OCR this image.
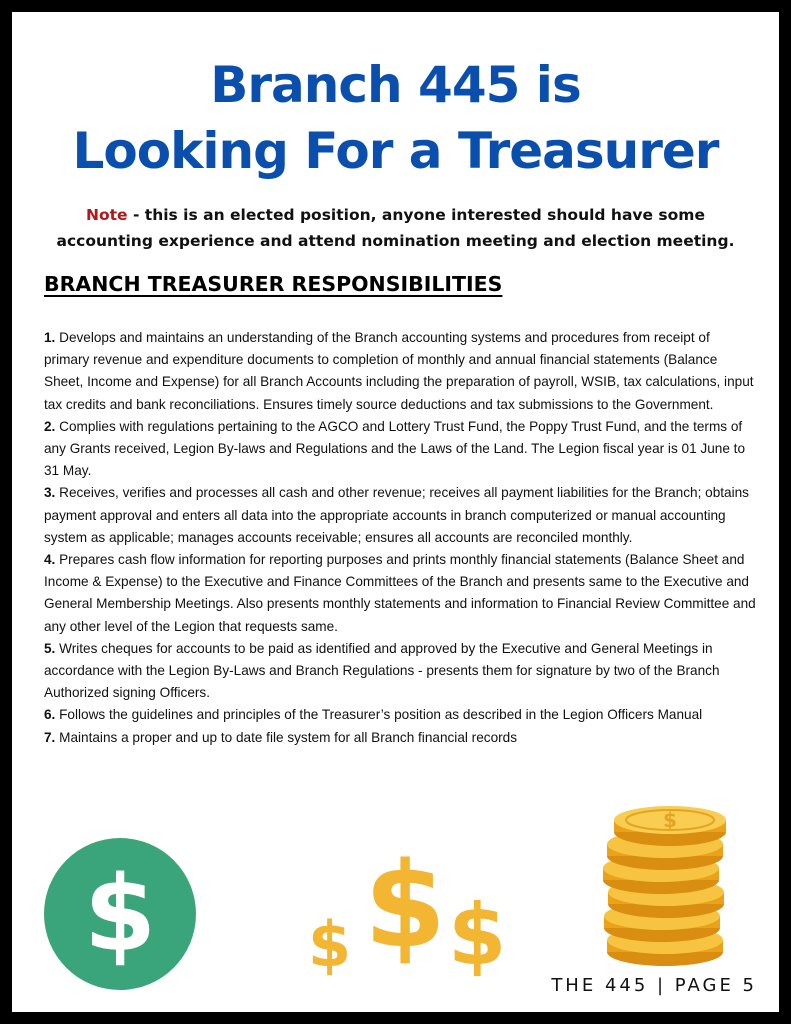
Branch 445 is
Looking For a Treasurer
Note - this is an elected position, anyone interested should have some
accounting experience and attend nomination meeting and election meeting.
BRANCH TREASURER RESPONSIBILITIES

1. Develops and maintains an understanding of the Branch accounting systems and procedures from receipt of primary revenue and expenditure documents to completion of monthly and annual financial statements (Balance Sheet, Income and Expense) for all Branch Accounts including the preparation of payroll, WSIB, tax calculations, input tax credits and bank reconciliations. Ensures timely source deductions and tax submissions to the Government.

2. Complies with regulations pertaining to the AGCO and Lottery Trust Fund, the Poppy Trust Fund, and the terms of any Grants received, Legion By-laws and Regulations and the Laws of the Land. The Legion fiscal year is 01 June to 31 May.

3. Receives, verifies and processes all cash and other revenue; receives all payment liabilities for the Branch; obtains payment approval and enters all data into the appropriate accounts in branch computerized or manual accounting system as applicable; manages accounts receivable; ensures all accounts are reconciled monthly.

4. Prepares cash flow information for reporting purposes and prints monthly financial statements (Balance Sheet and Income & Expense) to the Executive and Finance Committees of the Branch and presents same to the Executive and General Membership Meetings. Also presents monthly statements and information to Financial Review Committee and any other level of the Legion that requests same.

5. Writes cheques for accounts to be paid as identified and approved by the Executive and General Meetings in accordance with the Legion By-Laws and Branch Regulations - presents them for signature by two of the Branch Authorized signing Officers.

6. Follows the guidelines and principles of the Treasurer’s position as described in the Legion Officers Manual

7. Maintains a proper and up to date file system for all Branch financial records

$	$ $ $
$
THE 445 | PAGE 5
